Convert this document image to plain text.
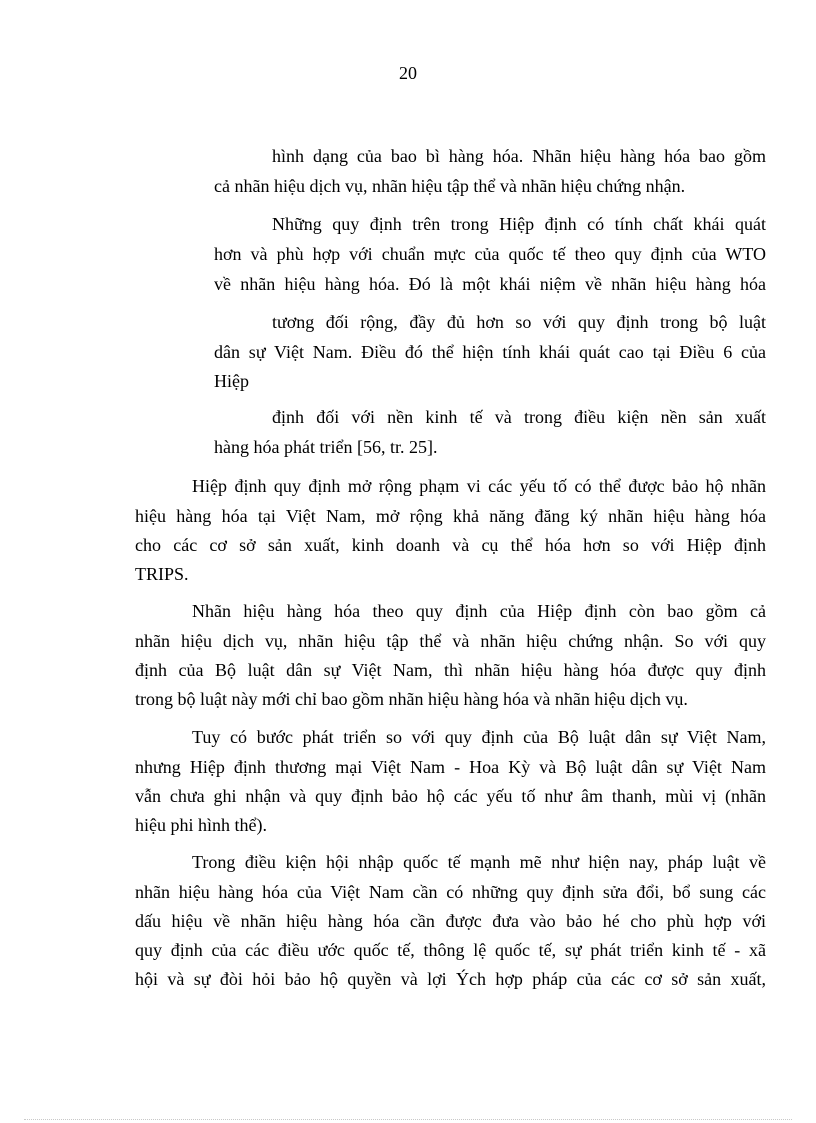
20
hình dạng của bao bì hàng hóa. Nhãn hiệu hàng hóa bao gồm
cả nhãn hiệu dịch vụ, nhãn hiệu tập thể và nhãn hiệu chứng nhận.
Những quy định trên trong Hiệp định có tính chất khái quát
hơn và phù hợp với chuẩn mực của quốc tế theo quy định của WTO
về nhãn hiệu hàng hóa. Đó là một khái niệm về nhãn hiệu hàng hóa
tương đối rộng, đầy đủ hơn so với quy định trong bộ luật
dân sự Việt Nam. Điều đó thể hiện tính khái quát cao tại Điều 6 của
Hiệp
định đối với nền kinh tế và trong điều kiện nền sản xuất
hàng hóa phát triển [56, tr. 25].
Hiệp định quy định mở rộng phạm vi các yếu tố có thể được bảo hộ nhãn
hiệu hàng hóa tại Việt Nam, mở rộng khả năng đăng ký nhãn hiệu hàng hóa
cho các cơ sở sản xuất, kinh doanh và cụ thể hóa hơn so với Hiệp định
TRIPS.
Nhãn hiệu hàng hóa theo quy định của Hiệp định còn bao gồm cả
nhãn hiệu dịch vụ, nhãn hiệu tập thể và nhãn hiệu chứng nhận. So với quy
định của Bộ luật dân sự Việt Nam, thì nhãn hiệu hàng hóa được quy định
trong bộ luật này mới chỉ bao gồm nhãn hiệu hàng hóa và nhãn hiệu dịch vụ.
Tuy có bước phát triển so với quy định của Bộ luật dân sự Việt Nam,
nhưng Hiệp định thương mại Việt Nam - Hoa Kỳ và Bộ luật dân sự Việt Nam
vẫn chưa ghi nhận và quy định bảo hộ các yếu tố như âm thanh, mùi vị (nhãn
hiệu phi hình thể).
Trong điều kiện hội nhập quốc tế mạnh mẽ như hiện nay, pháp luật về
nhãn hiệu hàng hóa của Việt Nam cần có những quy định sửa đổi, bổ sung các
dấu hiệu về nhãn hiệu hàng hóa cần được đưa vào bảo hé cho phù hợp với
quy định của các điều ước quốc tế, thông lệ quốc tế, sự phát triển kinh tế - xã
hội và sự đòi hỏi bảo hộ quyền và lợi Ých hợp pháp của các cơ sở sản xuất,
